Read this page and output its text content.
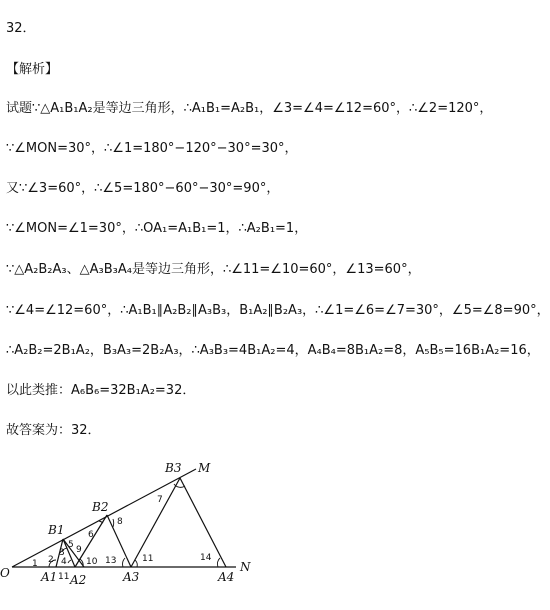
32．
【解析】
试题∵△A₁B₁A₂是等边三角形，∴A₁B₁=A₂B₁，∠3=∠4=∠12=60°，∴∠2=120°，
∵∠MON=30°，∴∠1=180°−120°−30°=30°，
又∵∠3=60°，∴∠5=180°−60°−30°=90°，
∵∠MON=∠1=30°，∴OA₁=A₁B₁=1，∴A₂B₁=1，
∵△A₂B₂A₃、△A₃B₃A₄是等边三角形，∴∠11=∠10=60°，∠13=60°，
∵∠4=∠12=60°，∴A₁B₁∥A₂B₂∥A₃B₃，B₁A₂∥B₂A₃，∴∠1=∠6=∠7=30°，∠5=∠8=90°，
∴A₂B₂=2B₁A₂，B₃A₃=2B₂A₃，∴A₃B₃=4B₁A₂=4，A₄B₄=8B₁A₂=8，A₅B₅=16B₁A₂=16，
以此类推：A₆B₆=32B₁A₂=32．
故答案为：32．
O	A1 A2	A3	A4
B1
B2
B3 M
N
1 2
3
4
5
6
7
8
9
10
11
11
13	14
